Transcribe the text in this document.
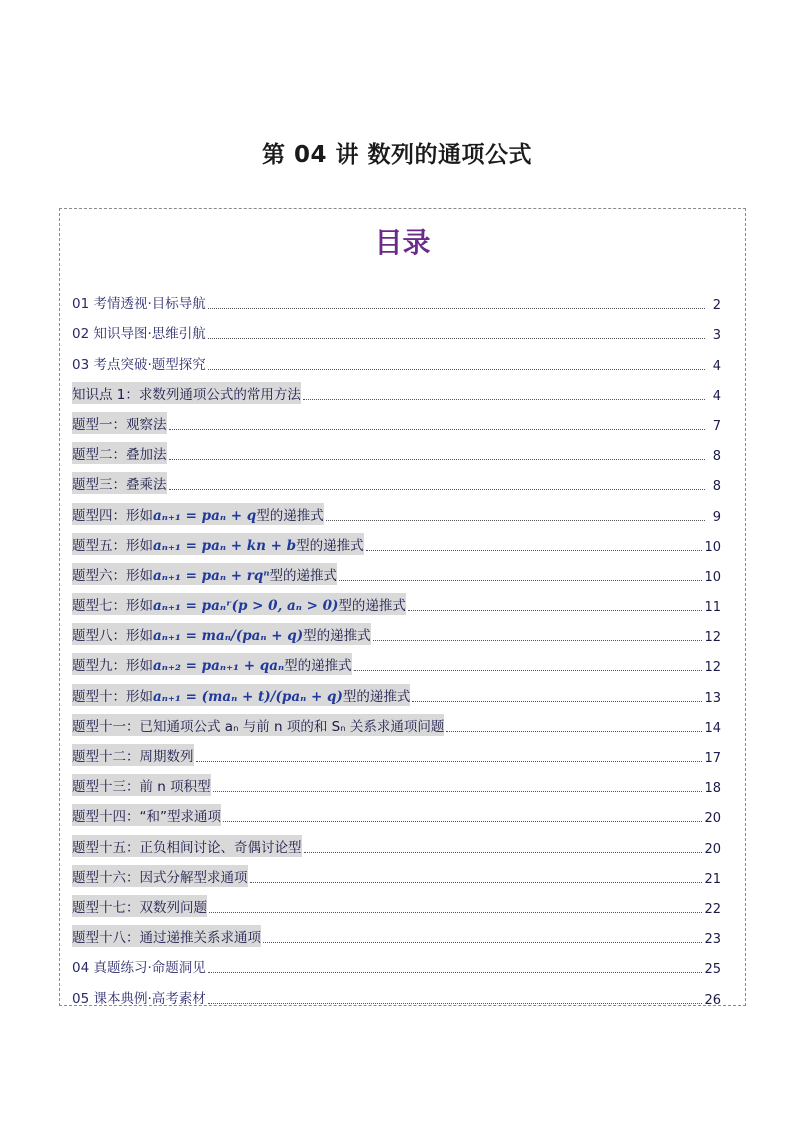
第 04 讲 数列的通项公式
目录
01 考情透视·目标导航	2
02 知识导图·思维引航	3
03 考点突破·题型探究	4
知识点 1：求数列通项公式的常用方法	4
题型一：观察法	7
题型二：叠加法	8
题型三：叠乘法	8
题型四：形如aₙ₊₁ = paₙ + q型的递推式	9
题型五：形如aₙ₊₁ = paₙ + kn + b型的递推式	10
题型六：形如aₙ₊₁ = paₙ + rqⁿ型的递推式	10
题型七：形如aₙ₊₁ = paₙʳ(p > 0, aₙ > 0)型的递推式	11
题型八：形如aₙ₊₁ = maₙ/(paₙ + q)型的递推式	12
题型九：形如aₙ₊₂ = paₙ₊₁ + qaₙ型的递推式	12
题型十：形如aₙ₊₁ = (maₙ + t)/(paₙ + q)型的递推式	13
题型十一：已知通项公式 aₙ 与前 n 项的和 Sₙ 关系求通项问题	14
题型十二：周期数列	17
题型十三：前 n 项积型	18
题型十四：“和”型求通项	20
题型十五：正负相间讨论、奇偶讨论型	20
题型十六：因式分解型求通项	21
题型十七：双数列问题	22
题型十八：通过递推关系求通项	23
04 真题练习·命题洞见	25
05 课本典例·高考素材	26
